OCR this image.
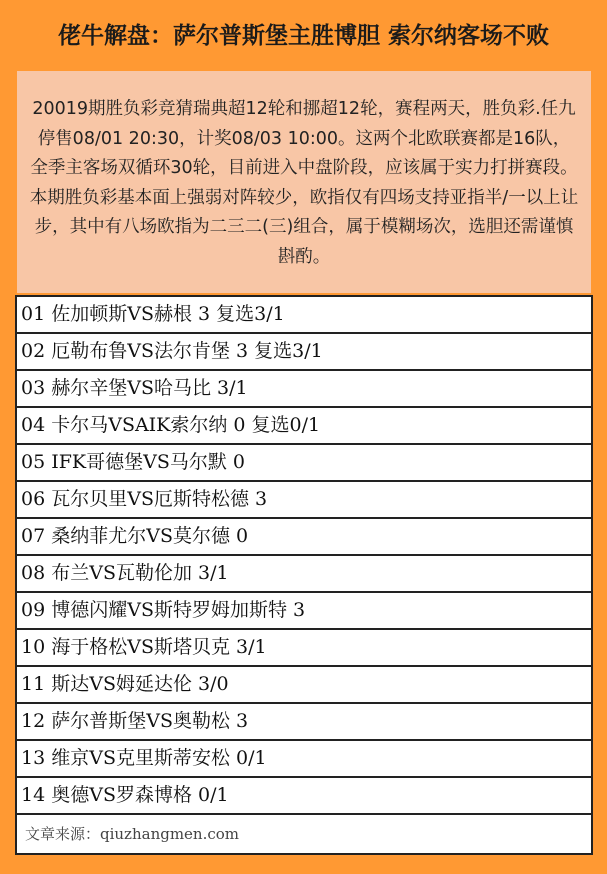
佬牛解盘：萨尔普斯堡主胜博胆 索尔纳客场不败
20019期胜负彩竞猜瑞典超12轮和挪超12轮，赛程两天，胜负彩.任九停售08/01 20:30，计奖08/03 10:00。这两个北欧联赛都是16队，全季主客场双循环30轮，目前进入中盘阶段，应该属于实力打拼赛段。本期胜负彩基本面上强弱对阵较少，欧指仅有四场支持亚指半/一以上让步，其中有八场欧指为二三二(三)组合，属于模糊场次，选胆还需谨慎斟酌。
01 佐加顿斯VS赫根 3 复选3/1
02 厄勒布鲁VS法尔肯堡 3 复选3/1
03 赫尔辛堡VS哈马比 3/1
04 卡尔马VSAIK索尔纳 0 复选0/1
05 IFK哥德堡VS马尔默 0
06 瓦尔贝里VS厄斯特松德 3
07 桑纳菲尤尔VS莫尔德 0
08 布兰VS瓦勒伦加 3/1
09 博德闪耀VS斯特罗姆加斯特 3
10 海于格松VS斯塔贝克 3/1
11 斯达VS姆延达伦 3/0
12 萨尔普斯堡VS奥勒松 3
13 维京VS克里斯蒂安松 0/1
14 奥德VS罗森博格 0/1
文章来源：qiuzhangmen.com
